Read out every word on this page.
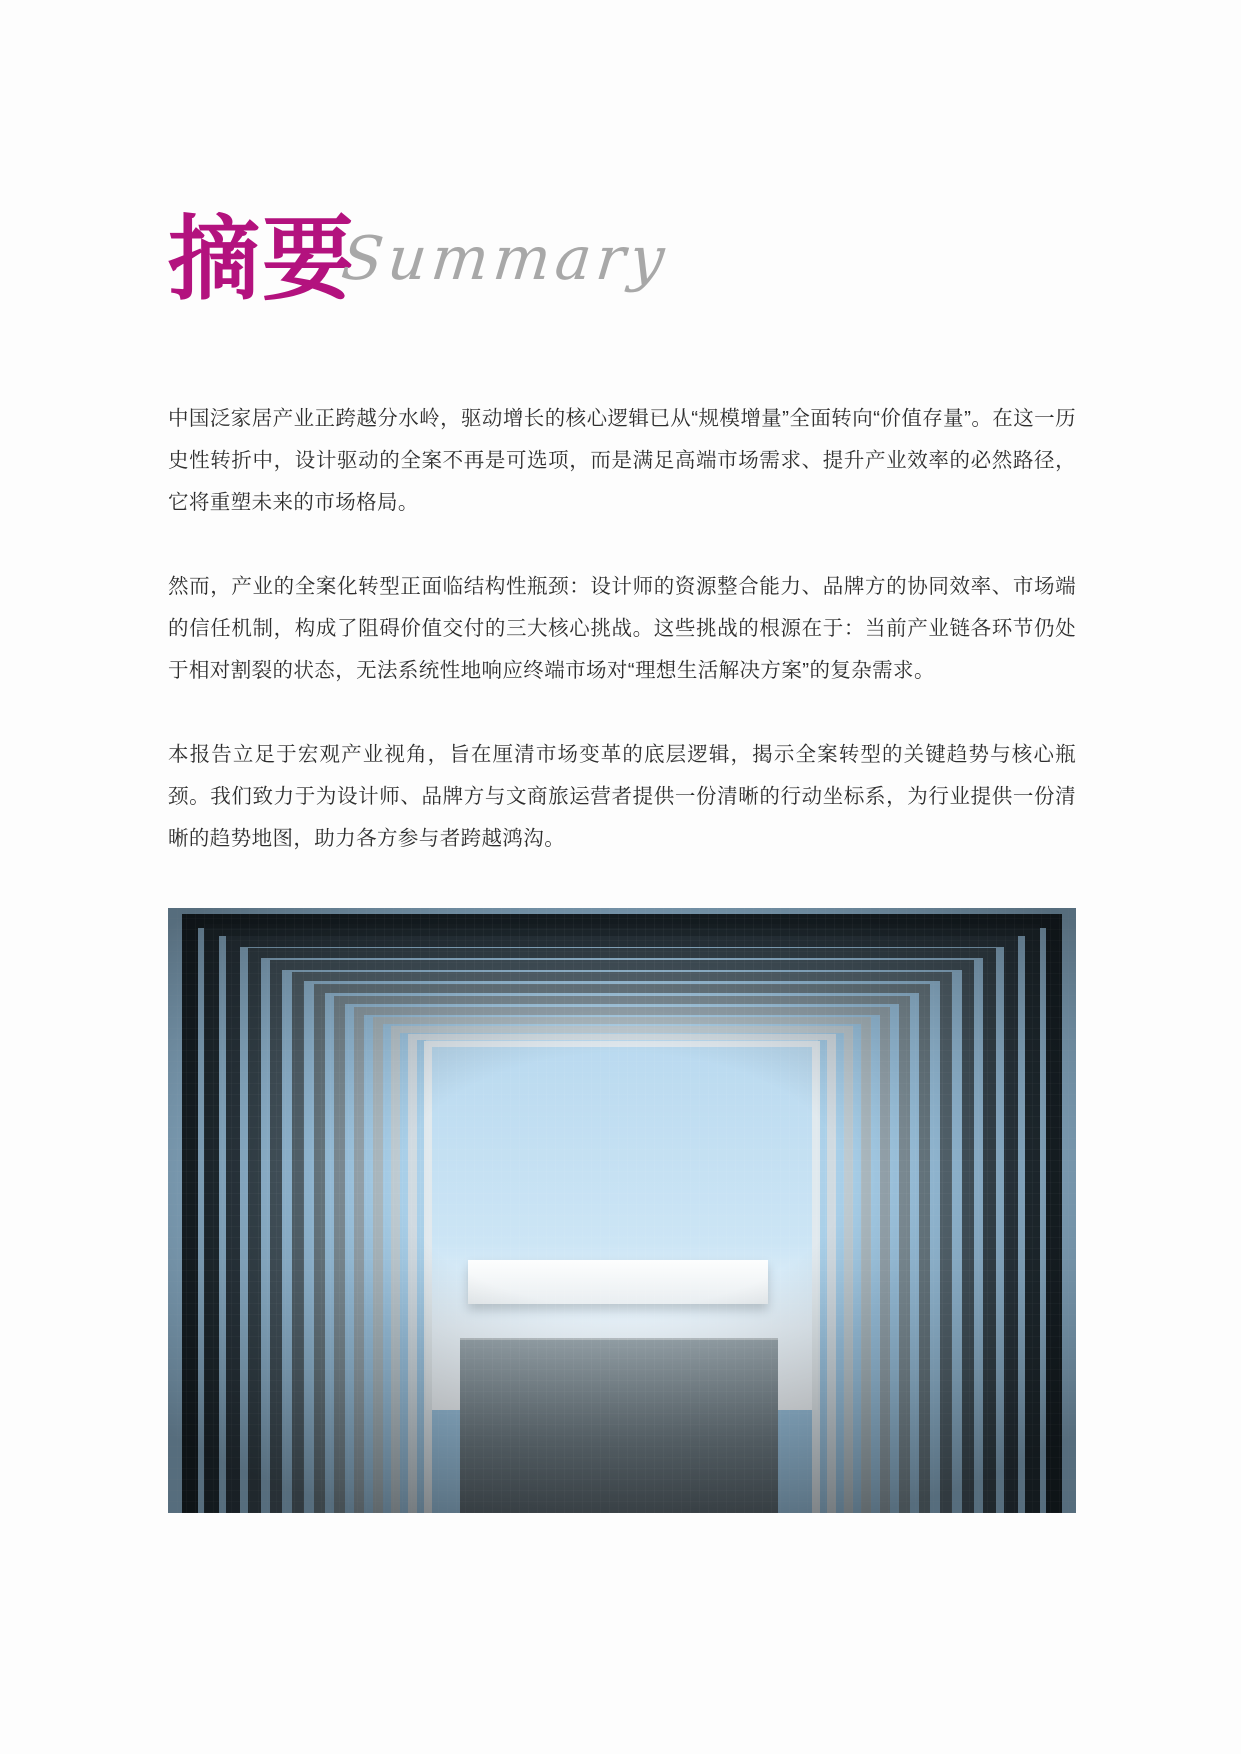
摘要
Summary

中国泛家居产业正跨越分水岭，驱动增长的核心逻辑已从“规模增量”全面转向“价值存量”。在这一历史性转折中，设计驱动的全案不再是可选项，而是满足高端市场需求、提升产业效率的必然路径，它将重塑未来的市场格局。

然而，产业的全案化转型正面临结构性瓶颈：设计师的资源整合能力、品牌方的协同效率、市场端的信任机制，构成了阻碍价值交付的三大核心挑战。这些挑战的根源在于：当前产业链各环节仍处于相对割裂的状态，无法系统性地响应终端市场对“理想生活解决方案”的复杂需求。

本报告立足于宏观产业视角，旨在厘清市场变革的底层逻辑，揭示全案转型的关键趋势与核心瓶颈。我们致力于为设计师、品牌方与文商旅运营者提供一份清晰的行动坐标系，为行业提供一份清晰的趋势地图，助力各方参与者跨越鸿沟。
